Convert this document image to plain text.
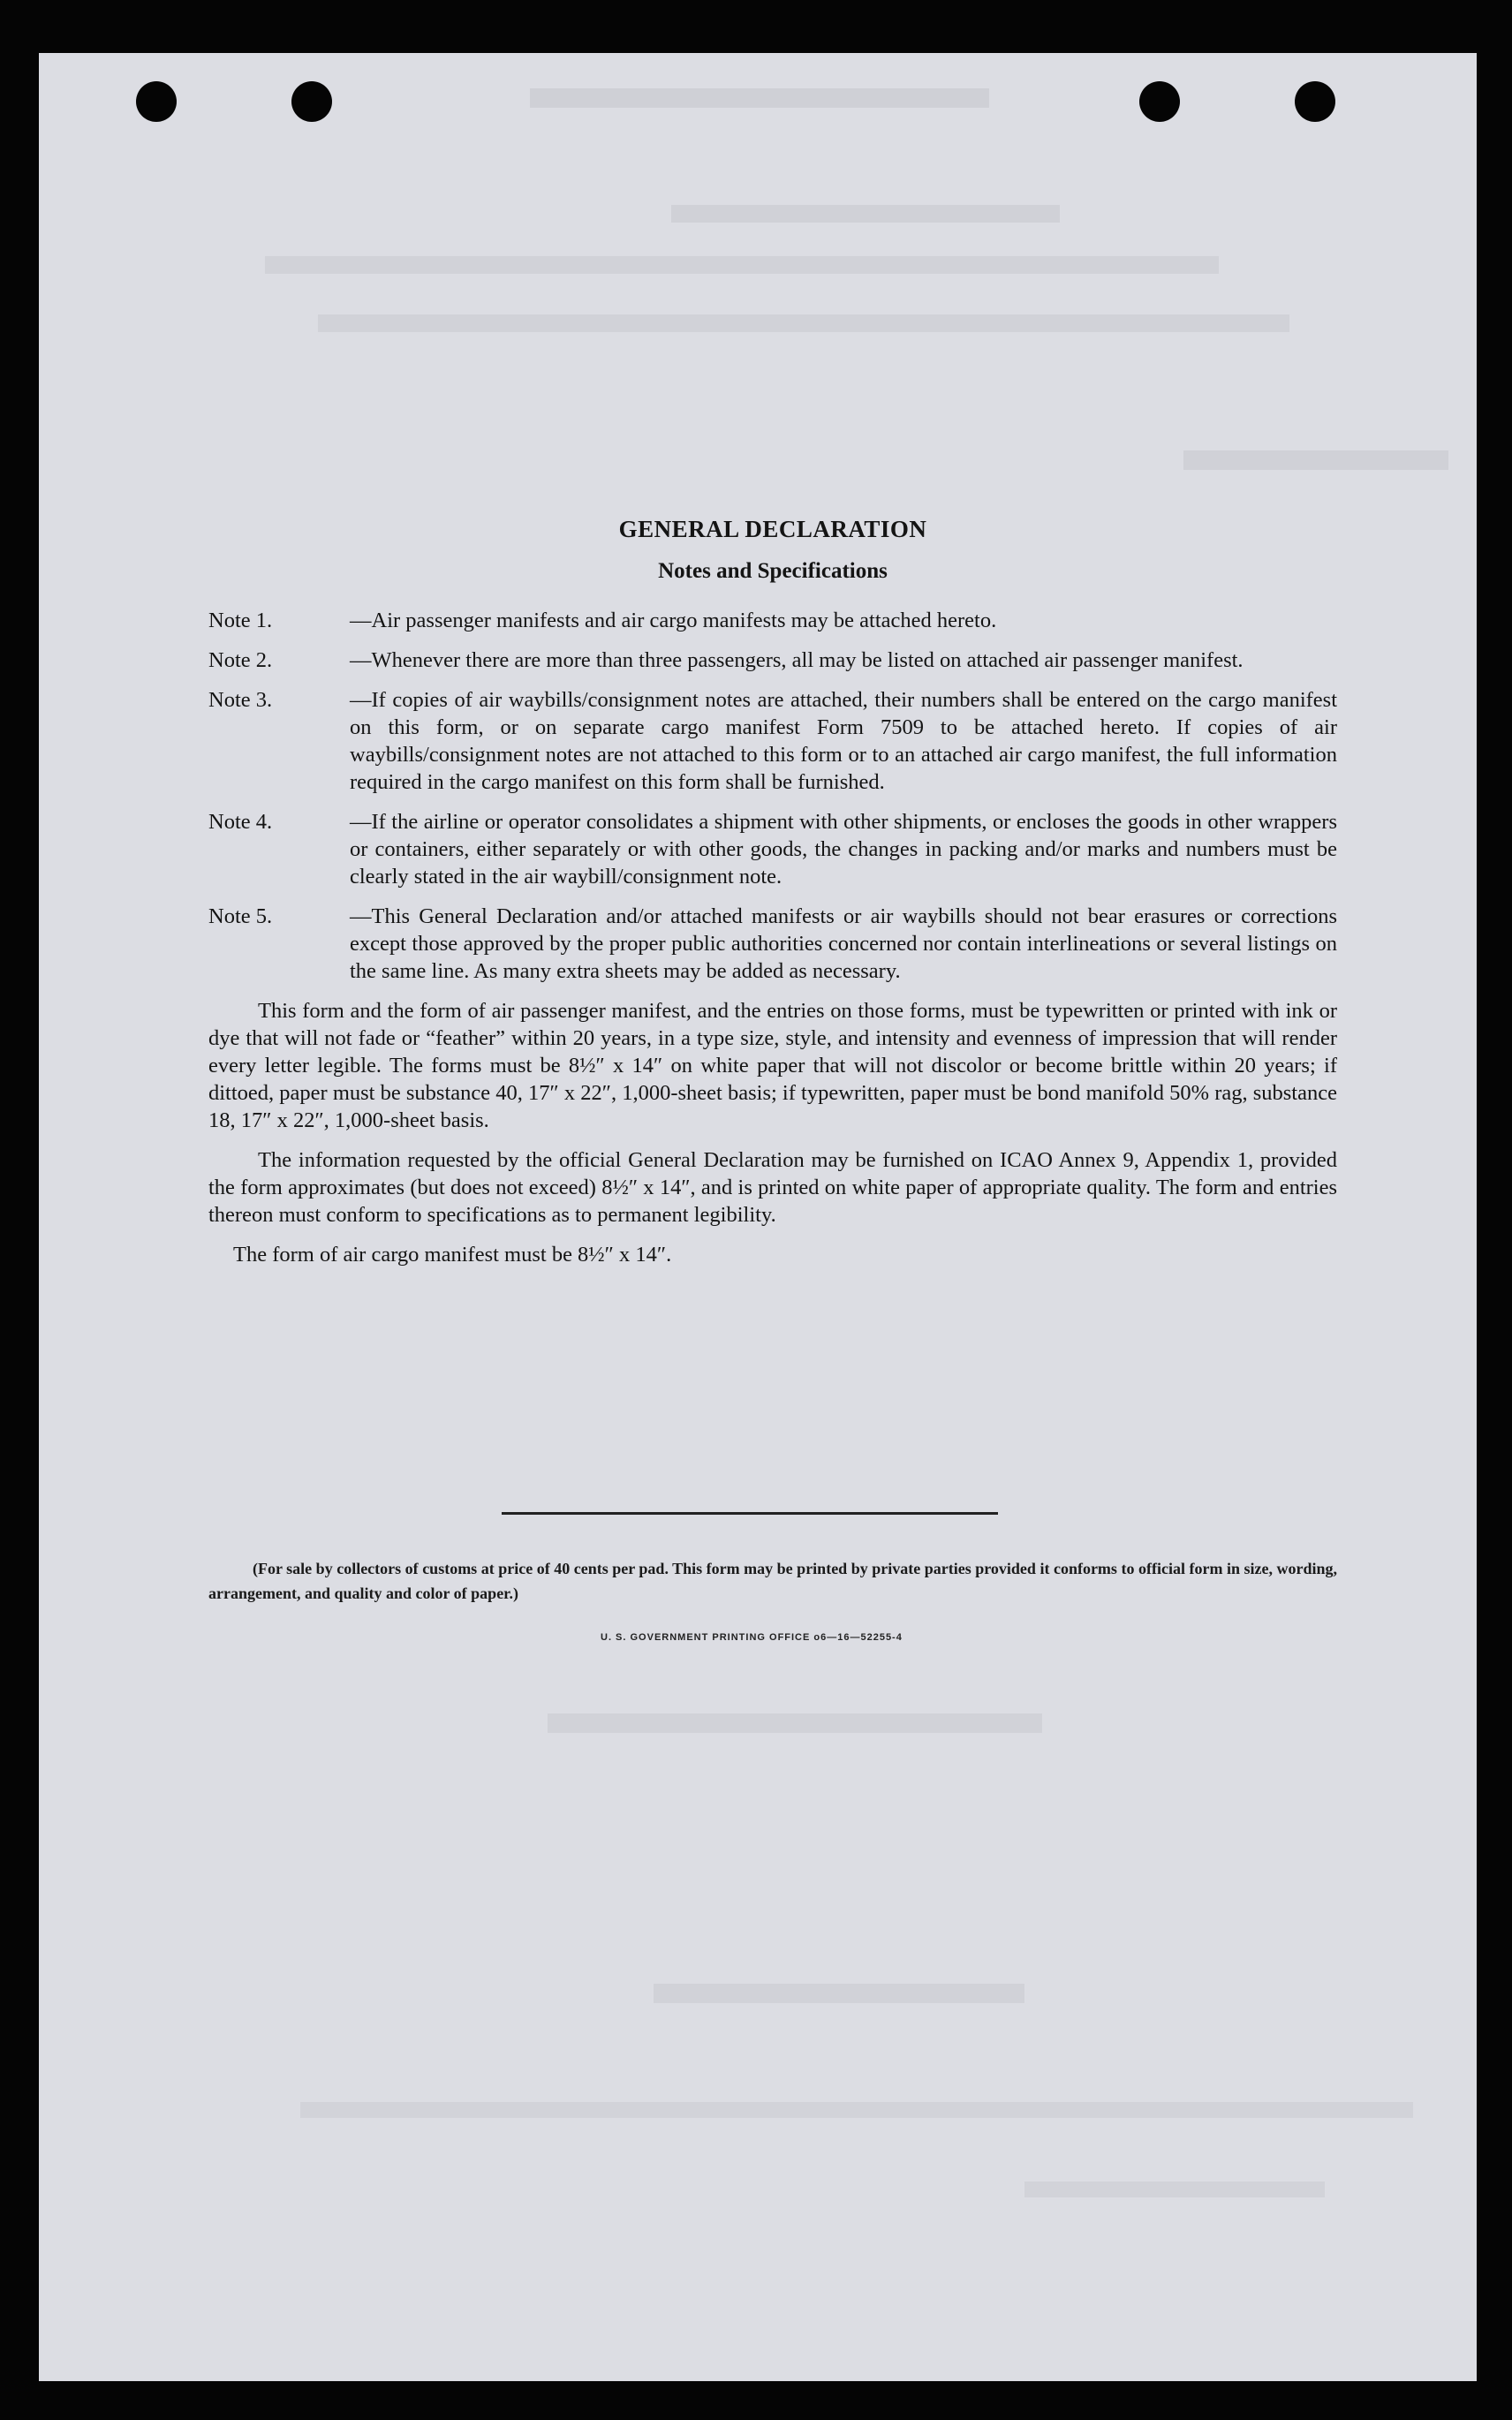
GENERAL DECLARATION

Notes and Specifications

Note 1.	—Air passenger manifests and air cargo manifests may be attached hereto.
Note 2.	—Whenever there are more than three passengers, all may be listed on attached air passenger manifest.
Note 3.	—If copies of air waybills/consignment notes are attached, their numbers shall be entered on the cargo manifest on this form, or on separate cargo manifest Form 7509 to be attached hereto. If copies of air waybills/consignment notes are not attached to this form or to an attached air cargo manifest, the full information required in the cargo manifest on this form shall be furnished.
Note 4.	—If the airline or operator consolidates a shipment with other shipments, or encloses the goods in other wrappers or containers, either separately or with other goods, the changes in packing and/or marks and numbers must be clearly stated in the air waybill/consignment note.
Note 5.	—This General Declaration and/or attached manifests or air waybills should not bear erasures or corrections except those approved by the proper public authorities concerned nor contain interlineations or several listings on the same line. As many extra sheets may be added as necessary.

This form and the form of air passenger manifest, and the entries on those forms, must be typewritten or printed with ink or dye that will not fade or “feather” within 20 years, in a type size, style, and intensity and evenness of impression that will render every letter legible. The forms must be 8½″ x 14″ on white paper that will not discolor or become brittle within 20 years; if dittoed, paper must be substance 40, 17″ x 22″, 1,000-sheet basis; if typewritten, paper must be bond manifold 50% rag, substance 18, 17″ x 22″, 1,000-sheet basis.

The information requested by the official General Declaration may be furnished on ICAO Annex 9, Appendix 1, provided the form approximates (but does not exceed) 8½″ x 14″, and is printed on white paper of appropriate quality. The form and entries thereon must conform to specifications as to permanent legibility.

The form of air cargo manifest must be 8½″ x 14″.

(For sale by collectors of customs at price of 40 cents per pad. This form may be printed by private parties provided it conforms to official form in size, wording, arrangement, and quality and color of paper.)
U. S. GOVERNMENT PRINTING OFFICE o6—16—52255-4
